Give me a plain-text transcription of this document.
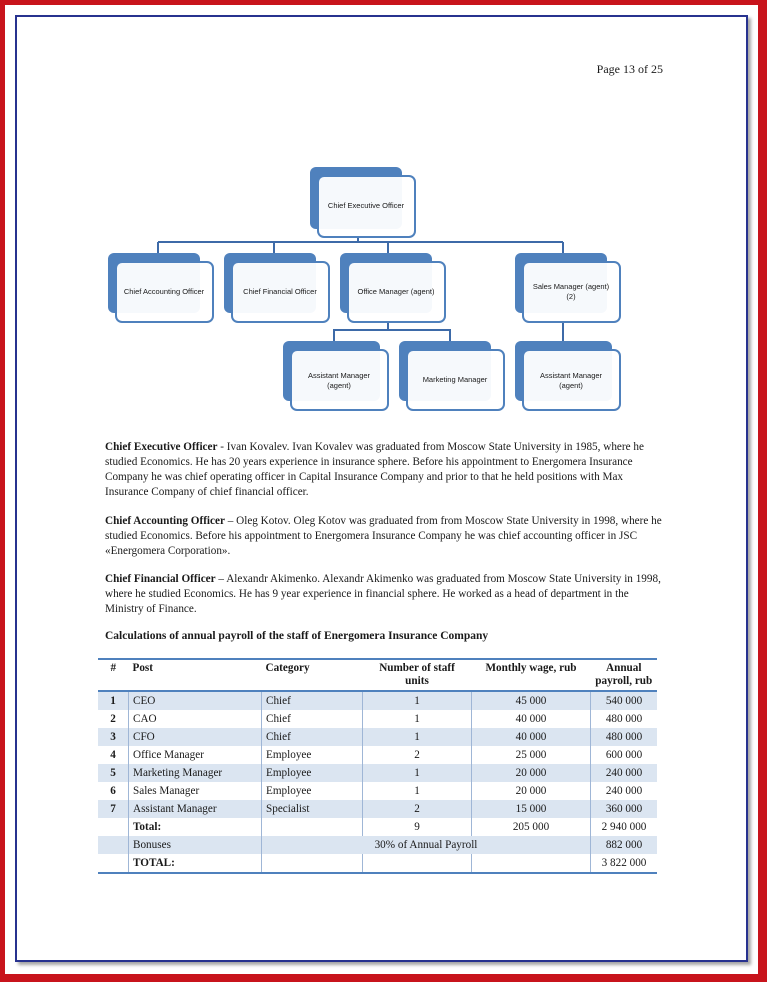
Page 13 of 25
Chief Executive Officer
Chief Accounting Officer	Chief Financial Officer	Office Manager (agent)
Sales Manager (agent)
(2)
Assistant Manager
(agent)
Marketing Manager	Assistant Manager
(agent)
Chief Executive Officer - Ivan Kovalev. Ivan Kovalev was graduated from Moscow State University in 1985, where he studied Economics. He has 20 years experience in insurance sphere. Before his appointment to Energomera Insurance Company he was chief operating officer in Capital Insurance Company and prior to that he held positions with Max Insurance Company of chief financial officer.
Chief Accounting Officer – Oleg Kotov. Oleg Kotov was graduated from from Moscow State University in 1998, where he studied Economics. Before his appointment to Energomera Insurance Company he was chief accounting officer in JSC «Energomera Corporation».
Chief Financial Officer – Alexandr Akimenko. Alexandr Akimenko was graduated from Moscow State University in 1998, where he studied Economics. He has 9 year experience in financial sphere. He worked as a head of department in the Ministry of Finance.
Calculations of annual payroll of the staff of Energomera Insurance Company
#	Post	Category	Number of staff units	Monthly wage, rub	Annual payroll, rub
1	CEO	Chief	1	45 000	540 000
2	CAO	Chief	1	40 000	480 000
3	CFO	Chief	1	40 000	480 000
4	Office Manager	Employee	2	25 000	600 000
5	Marketing Manager	Employee	1	20 000	240 000
6	Sales Manager	Employee	1	20 000	240 000
7	Assistant Manager	Specialist	2	15 000	360 000
	Total:		9	205 000	2 940 000
	Bonuses	30% of Annual Payroll			882 000
	TOTAL:				3 822 000
